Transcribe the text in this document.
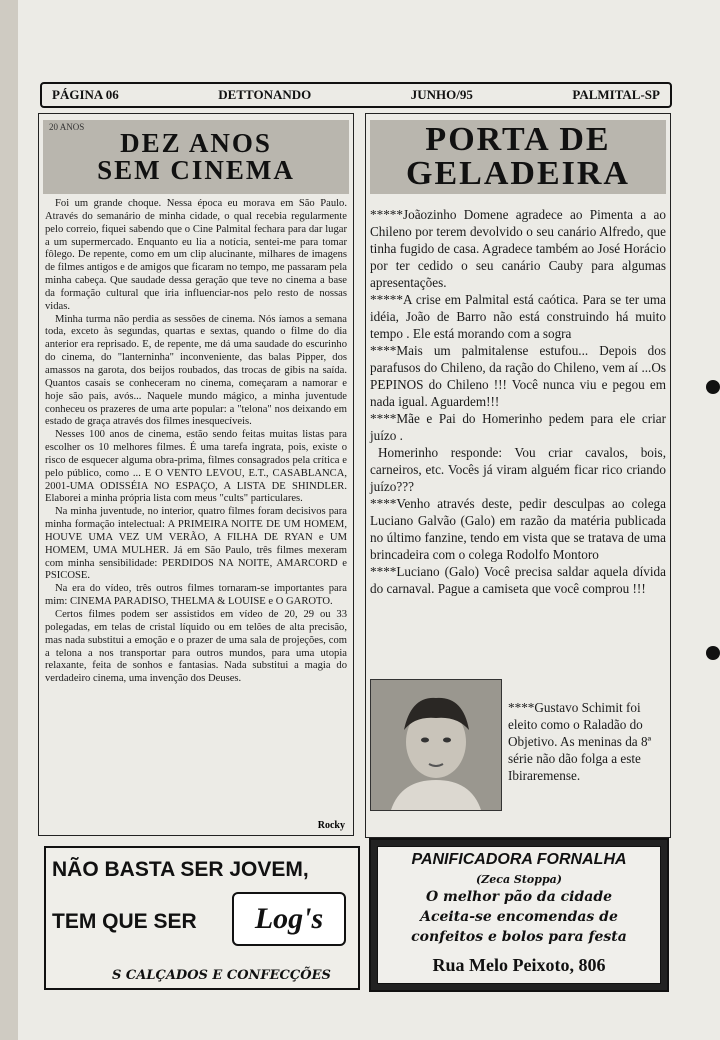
PÁGINA 06	DETTONANDO	JUNHO/95	PALMITAL-SP
20 ANOS
DEZ ANOS
SEM CINEMA

Foi um grande choque. Nessa época eu morava em São Paulo. Através do semanário de minha cidade, o qual recebia regularmente pelo correio, fiquei sabendo que o Cine Palmital fechara para dar lugar a um supermercado. Enquanto eu lia a notícia, sentei-me para tomar fôlego. De repente, como em um clip alucinante, milhares de imagens de filmes antigos e de amigos que ficaram no tempo, me passaram pela minha cabeça. Que saudade dessa geração que teve no cinema a base da formação cultural que iria influenciar-nos pelo resto de nossas vidas.

Minha turma não perdia as sessões de cinema. Nós íamos a semana toda, exceto às segundas, quartas e sextas, quando o filme do dia anterior era reprisado. E, de repente, me dá uma saudade do escurinho do cinema, do "lanterninha" inconveniente, das balas Pipper, dos amassos na garota, dos beijos roubados, das trocas de gibis na saída. Quantos casais se conheceram no cinema, começaram a namorar e hoje são pais, avós... Naquele mundo mágico, a minha juventude conheceu os prazeres de uma arte popular: a "telona" nos deixando em estado de graça através dos filmes inesquecíveis.

Nesses 100 anos de cinema, estão sendo feitas muitas listas para escolher os 10 melhores filmes. É uma tarefa ingrata, pois, existe o risco de esquecer alguma obra-prima, filmes consagrados pela crítica e pelo público, como ... E O VENTO LEVOU, E.T., CASABLANCA, 2001-UMA ODISSÉIA NO ESPAÇO, A LISTA DE SHINDLER. Elaborei a minha própria lista com meus "cults" particulares.

Na minha juventude, no interior, quatro filmes foram decisivos para minha formação intelectual: A PRIMEIRA NOITE DE UM HOMEM, HOUVE UMA VEZ UM VERÃO, A FILHA DE RYAN e UM HOMEM, UMA MULHER. Já em São Paulo, três filmes mexeram com minha sensibilidade: PERDIDOS NA NOITE, AMARCORD e PSICOSE.

Na era do vídeo, três outros filmes tornaram-se importantes para mim: CINEMA PARADISO, THELMA & LOUISE e O GAROTO.

Certos filmes podem ser assistidos em vídeo de 20, 29 ou 33 polegadas, em telas de cristal líquido ou em telões de alta precisão, mas nada substitui a emoção e o prazer de uma sala de projeções, com a telona a nos transportar para outros mundos, para uma utopia relaxante, feita de sonhos e fantasias. Nada substitui a magia do verdadeiro cinema, uma invenção dos Deuses.

Rocky
PORTA DE
GELADEIRA

*****Joãozinho Domene agradece ao Pimenta a ao Chileno por terem devolvido o seu canário Alfredo, que tinha fugido de casa. Agradece também ao José Horácio por ter cedido o seu canário Cauby para algumas apresentações.

*****A crise em Palmital está caótica. Para se ter uma idéia, João de Barro não está construindo há muito tempo . Ele está morando com a sogra

****Mais um palmitalense estufou... Depois dos parafusos do Chileno, da ração do Chileno, vem aí ...Os PEPINOS do Chileno !!! Você nunca viu e pegou em nada igual. Aguardem!!!

****Mãe e Pai do Homerinho pedem para ele criar juízo .

Homerinho responde: Vou criar cavalos, bois, carneiros, etc. Vocês já viram alguém ficar rico criando juízo???

****Venho através deste, pedir desculpas ao colega Luciano Galvão (Galo) em razão da matéria publicada no último fanzine, tendo em vista que se tratava de uma brincadeira com o colega Rodolfo Montoro

****Luciano (Galo) Você precisa saldar aquela dívida do carnaval. Pague a camiseta que você comprou !!!

****Gustavo Schimit foi eleito como o Raladão do Objetivo. As meninas da 8ª série não dão folga a este Ibiraremense.
NÃO BASTA SER JOVEM,
TEM QUE SER Log's
S CALÇADOS E CONFECÇÕES
PANIFICADORA FORNALHA
(Zeca Stoppa)
O melhor pão da cidade
Aceita-se encomendas de
confeitos e bolos para festa
Rua Melo Peixoto, 806
